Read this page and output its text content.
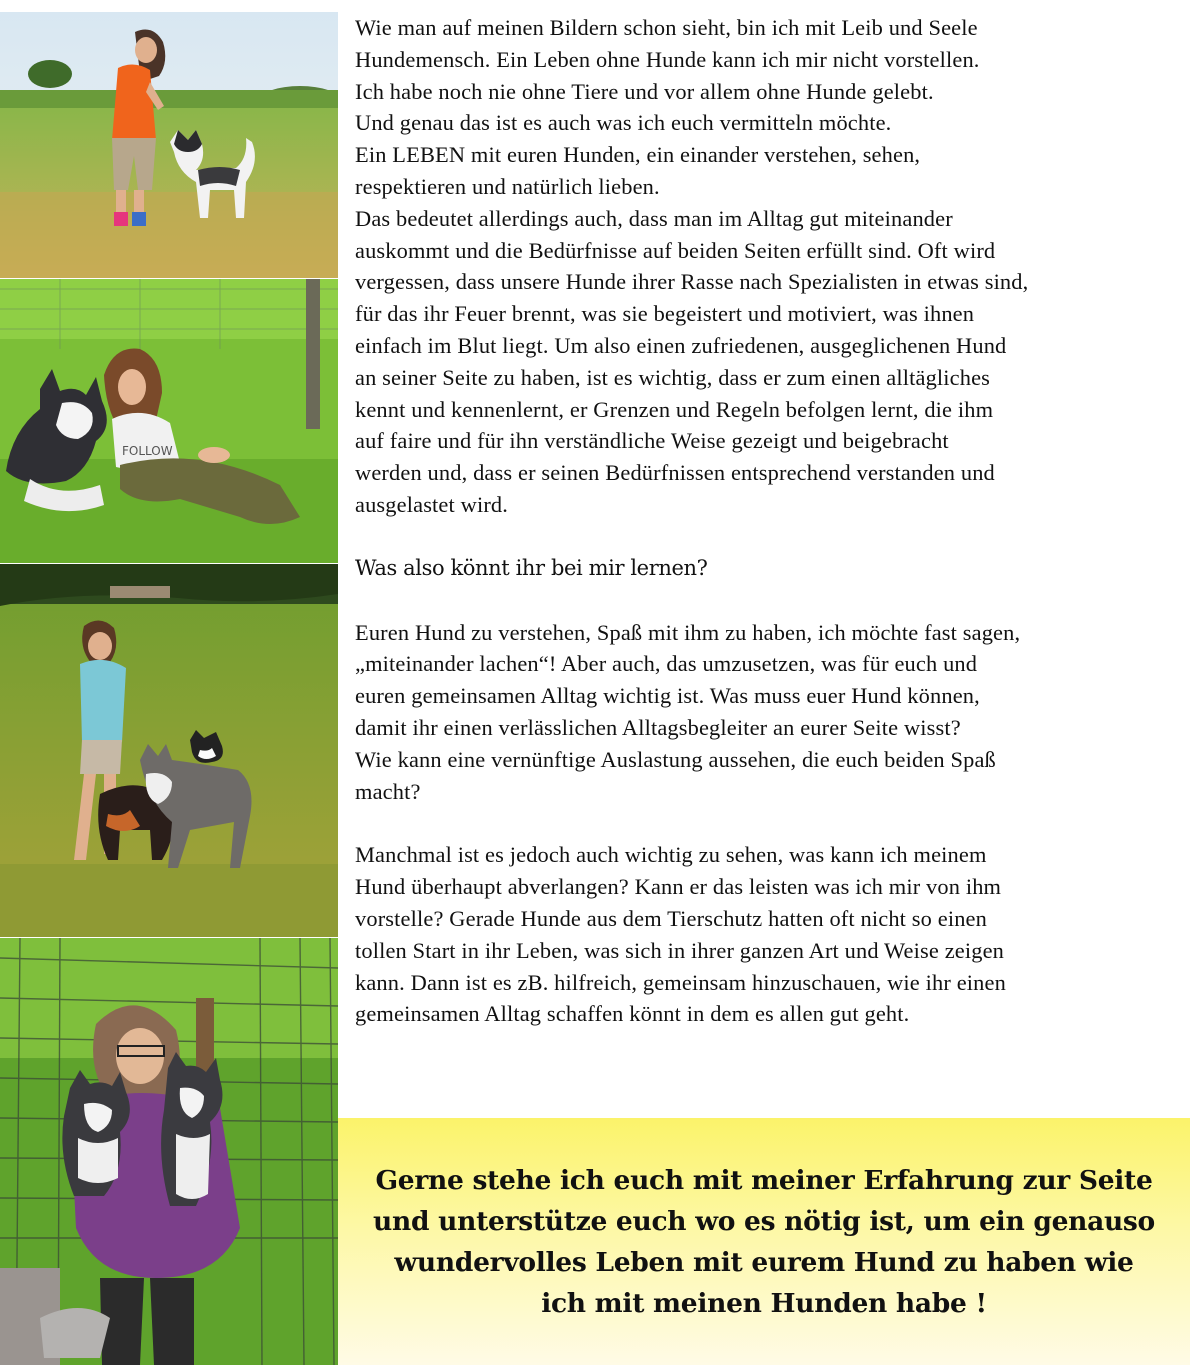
FOLLOW

Wie man auf meinen Bildern schon sieht, bin ich mit Leib und Seele
Hundemensch. Ein Leben ohne Hunde kann ich mir nicht vorstellen.
Ich habe noch nie ohne Tiere und vor allem ohne Hunde gelebt.
Und genau das ist es auch was ich euch vermitteln möchte.
Ein LEBEN mit euren Hunden, ein einander verstehen, sehen,
respektieren und natürlich lieben.
Das bedeutet allerdings auch, dass man im Alltag gut miteinander
auskommt und die Bedürfnisse auf beiden Seiten erfüllt sind. Oft wird
vergessen, dass unsere Hunde ihrer Rasse nach Spezialisten in etwas sind,
für das ihr Feuer brennt, was sie begeistert und motiviert, was ihnen
einfach im Blut liegt. Um also einen zufriedenen, ausgeglichenen Hund
an seiner Seite zu haben, ist es wichtig, dass er zum einen alltägliches
kennt und kennenlernt, er Grenzen und Regeln befolgen lernt, die ihm
auf faire und für ihn verständliche Weise gezeigt und beigebracht
werden und, dass er seinen Bedürfnissen entsprechend verstanden und
ausgelastet wird.

Was also könnt ihr bei mir lernen?

Euren Hund zu verstehen, Spaß mit ihm zu haben, ich möchte fast sagen,
„miteinander lachen“! Aber auch, das umzusetzen, was für euch und
euren gemeinsamen Alltag wichtig ist. Was muss euer Hund können,
damit ihr einen verlässlichen Alltagsbegleiter an eurer Seite wisst?
Wie kann eine vernünftige Auslastung aussehen, die euch beiden Spaß
macht?

Manchmal ist es jedoch auch wichtig zu sehen, was kann ich meinem
Hund überhaupt abverlangen? Kann er das leisten was ich mir von ihm
vorstelle? Gerade Hunde aus dem Tierschutz hatten oft nicht so einen
tollen Start in ihr Leben, was sich in ihrer ganzen Art und Weise zeigen
kann. Dann ist es zB. hilfreich, gemeinsam hinzuschauen, wie ihr einen
gemeinsamen Alltag schaffen könnt in dem es allen gut geht.

Gerne stehe ich euch mit meiner Erfahrung zur Seite
und unterstütze euch wo es nötig ist, um ein genauso
wundervolles Leben mit eurem Hund zu haben wie
ich mit meinen Hunden habe !
